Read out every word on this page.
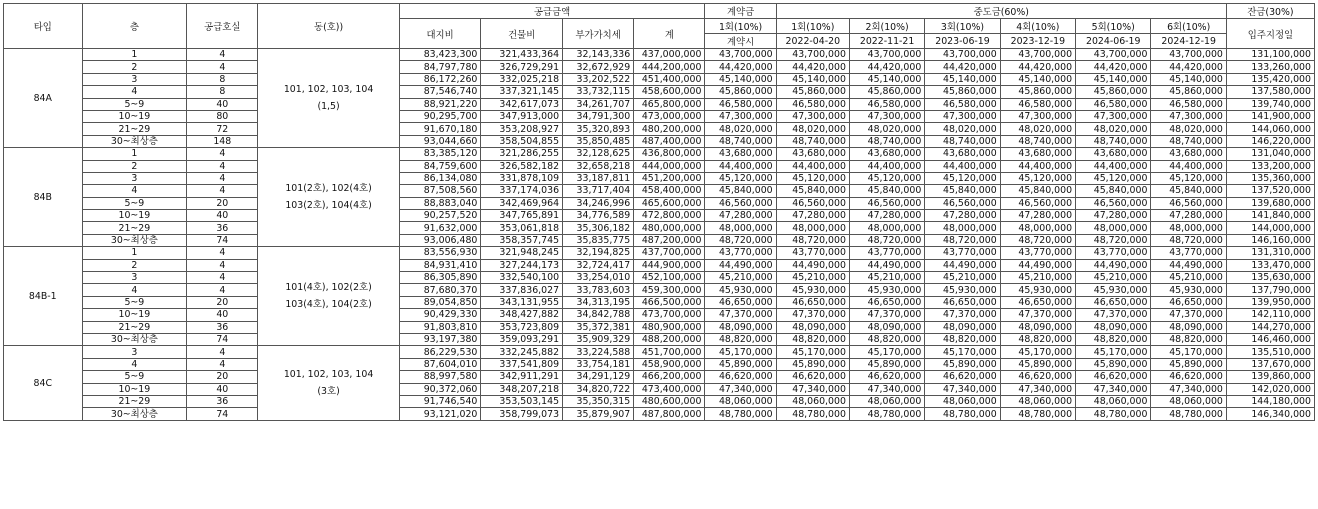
타입	층	공급호실	동(호))	공급금액				계약금	중도금(60%)						잔금(30%)
				대지비	건물비	부가가치세	계	1회(10%)	1회(10%)	2회(10%)	3회(10%)	4회(10%)	5회(10%)	6회(10%)	입주지정일
								계약시	2022-04-20	2022-11-21	2023-06-19	2023-12-19	2024-06-19	2024-12-19	
84A	1	4	101, 102, 103, 104
(1,5)	83,423,300	321,433,364	32,143,336	437,000,000	43,700,000	43,700,000	43,700,000	43,700,000	43,700,000	43,700,000	43,700,000	131,100,000
	2	4		84,797,780	326,729,291	32,672,929	444,200,000	44,420,000	44,420,000	44,420,000	44,420,000	44,420,000	44,420,000	44,420,000	133,260,000
	3	8		86,172,260	332,025,218	33,202,522	451,400,000	45,140,000	45,140,000	45,140,000	45,140,000	45,140,000	45,140,000	45,140,000	135,420,000
	4	8		87,546,740	337,321,145	33,732,115	458,600,000	45,860,000	45,860,000	45,860,000	45,860,000	45,860,000	45,860,000	45,860,000	137,580,000
	5~9	40		88,921,220	342,617,073	34,261,707	465,800,000	46,580,000	46,580,000	46,580,000	46,580,000	46,580,000	46,580,000	46,580,000	139,740,000
	10~19	80		90,295,700	347,913,000	34,791,300	473,000,000	47,300,000	47,300,000	47,300,000	47,300,000	47,300,000	47,300,000	47,300,000	141,900,000
	21~29	72		91,670,180	353,208,927	35,320,893	480,200,000	48,020,000	48,020,000	48,020,000	48,020,000	48,020,000	48,020,000	48,020,000	144,060,000
	30~최상층	148		93,044,660	358,504,855	35,850,485	487,400,000	48,740,000	48,740,000	48,740,000	48,740,000	48,740,000	48,740,000	48,740,000	146,220,000
84B	1	4	101(2호), 102(4호)
103(2호), 104(4호)	83,385,120	321,286,255	32,128,625	436,800,000	43,680,000	43,680,000	43,680,000	43,680,000	43,680,000	43,680,000	43,680,000	131,040,000
	2	4		84,759,600	326,582,182	32,658,218	444,000,000	44,400,000	44,400,000	44,400,000	44,400,000	44,400,000	44,400,000	44,400,000	133,200,000
	3	4		86,134,080	331,878,109	33,187,811	451,200,000	45,120,000	45,120,000	45,120,000	45,120,000	45,120,000	45,120,000	45,120,000	135,360,000
	4	4		87,508,560	337,174,036	33,717,404	458,400,000	45,840,000	45,840,000	45,840,000	45,840,000	45,840,000	45,840,000	45,840,000	137,520,000
	5~9	20		88,883,040	342,469,964	34,246,996	465,600,000	46,560,000	46,560,000	46,560,000	46,560,000	46,560,000	46,560,000	46,560,000	139,680,000
	10~19	40		90,257,520	347,765,891	34,776,589	472,800,000	47,280,000	47,280,000	47,280,000	47,280,000	47,280,000	47,280,000	47,280,000	141,840,000
	21~29	36		91,632,000	353,061,818	35,306,182	480,000,000	48,000,000	48,000,000	48,000,000	48,000,000	48,000,000	48,000,000	48,000,000	144,000,000
	30~최상층	74		93,006,480	358,357,745	35,835,775	487,200,000	48,720,000	48,720,000	48,720,000	48,720,000	48,720,000	48,720,000	48,720,000	146,160,000
84B-1	1	4	101(4호), 102(2호)
103(4호), 104(2호)	83,556,930	321,948,245	32,194,825	437,700,000	43,770,000	43,770,000	43,770,000	43,770,000	43,770,000	43,770,000	43,770,000	131,310,000
	2	4		84,931,410	327,244,173	32,724,417	444,900,000	44,490,000	44,490,000	44,490,000	44,490,000	44,490,000	44,490,000	44,490,000	133,470,000
	3	4		86,305,890	332,540,100	33,254,010	452,100,000	45,210,000	45,210,000	45,210,000	45,210,000	45,210,000	45,210,000	45,210,000	135,630,000
	4	4		87,680,370	337,836,027	33,783,603	459,300,000	45,930,000	45,930,000	45,930,000	45,930,000	45,930,000	45,930,000	45,930,000	137,790,000
	5~9	20		89,054,850	343,131,955	34,313,195	466,500,000	46,650,000	46,650,000	46,650,000	46,650,000	46,650,000	46,650,000	46,650,000	139,950,000
	10~19	40		90,429,330	348,427,882	34,842,788	473,700,000	47,370,000	47,370,000	47,370,000	47,370,000	47,370,000	47,370,000	47,370,000	142,110,000
	21~29	36		91,803,810	353,723,809	35,372,381	480,900,000	48,090,000	48,090,000	48,090,000	48,090,000	48,090,000	48,090,000	48,090,000	144,270,000
	30~최상층	74		93,197,380	359,093,291	35,909,329	488,200,000	48,820,000	48,820,000	48,820,000	48,820,000	48,820,000	48,820,000	48,820,000	146,460,000
84C	3	4	101, 102, 103, 104
(3호)	86,229,530	332,245,882	33,224,588	451,700,000	45,170,000	45,170,000	45,170,000	45,170,000	45,170,000	45,170,000	45,170,000	135,510,000
	4	4		87,604,010	337,541,809	33,754,181	458,900,000	45,890,000	45,890,000	45,890,000	45,890,000	45,890,000	45,890,000	45,890,000	137,670,000
	5~9	20		88,997,580	342,911,291	34,291,129	466,200,000	46,620,000	46,620,000	46,620,000	46,620,000	46,620,000	46,620,000	46,620,000	139,860,000
	10~19	40		90,372,060	348,207,218	34,820,722	473,400,000	47,340,000	47,340,000	47,340,000	47,340,000	47,340,000	47,340,000	47,340,000	142,020,000
	21~29	36		91,746,540	353,503,145	35,350,315	480,600,000	48,060,000	48,060,000	48,060,000	48,060,000	48,060,000	48,060,000	48,060,000	144,180,000
	30~최상층	74		93,121,020	358,799,073	35,879,907	487,800,000	48,780,000	48,780,000	48,780,000	48,780,000	48,780,000	48,780,000	48,780,000	146,340,000
